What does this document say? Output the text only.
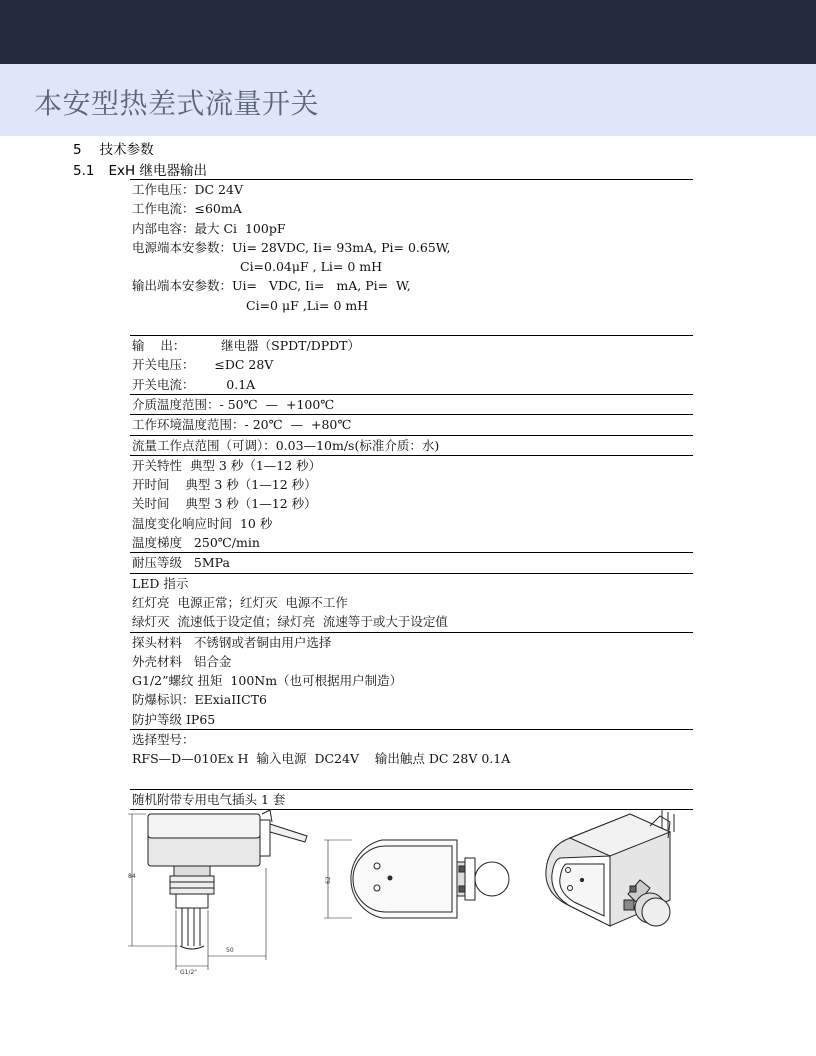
本安型热差式流量开关
5 技术参数
5.1 ExH 继电器输出
工作电压：DC 24V
工作电流：≤60mA
内部电容：最大 Ci  100pF
电源端本安参数：Ui= 28VDC, Ii= 93mA, Pi= 0.65W,
Ci=0.04μF , Li= 0 mH
输出端本安参数：Ui=   VDC, Ii=   mA, Pi=  W,
Ci=0 μF ,Li= 0 mH
输    出：         继电器（SPDT/DPDT）
开关电压：     ≤DC 28V
开关电流：        0.1A
介质温度范围：- 50℃  —  +100℃
工作环境温度范围：- 20℃  —  +80℃
流量工作点范围（可调）：0.03—10m/s(标准介质：水)
开关特性  典型 3 秒（1—12 秒）
开时间    典型 3 秒（1—12 秒）
关时间    典型 3 秒（1—12 秒）
温度变化响应时间  10 秒
温度梯度   250℃/min
耐压等级   5MPa
LED 指示
红灯亮  电源正常；红灯灭  电源不工作
绿灯灭  流速低于设定值；绿灯亮  流速等于或大于设定值
探头材料   不锈钢或者铜由用户选择
外壳材料   铝合金
G1/2”螺纹 扭矩  100Nm（也可根据用户制造）
防爆标识：EExiaIICT6
防护等级 IP65
选择型号：
RFS—D—010Ex H  输入电源  DC24V    输出触点 DC 28V 0.1A
随机附带专用电气插头 1 套
84
50
G1/2"
62
